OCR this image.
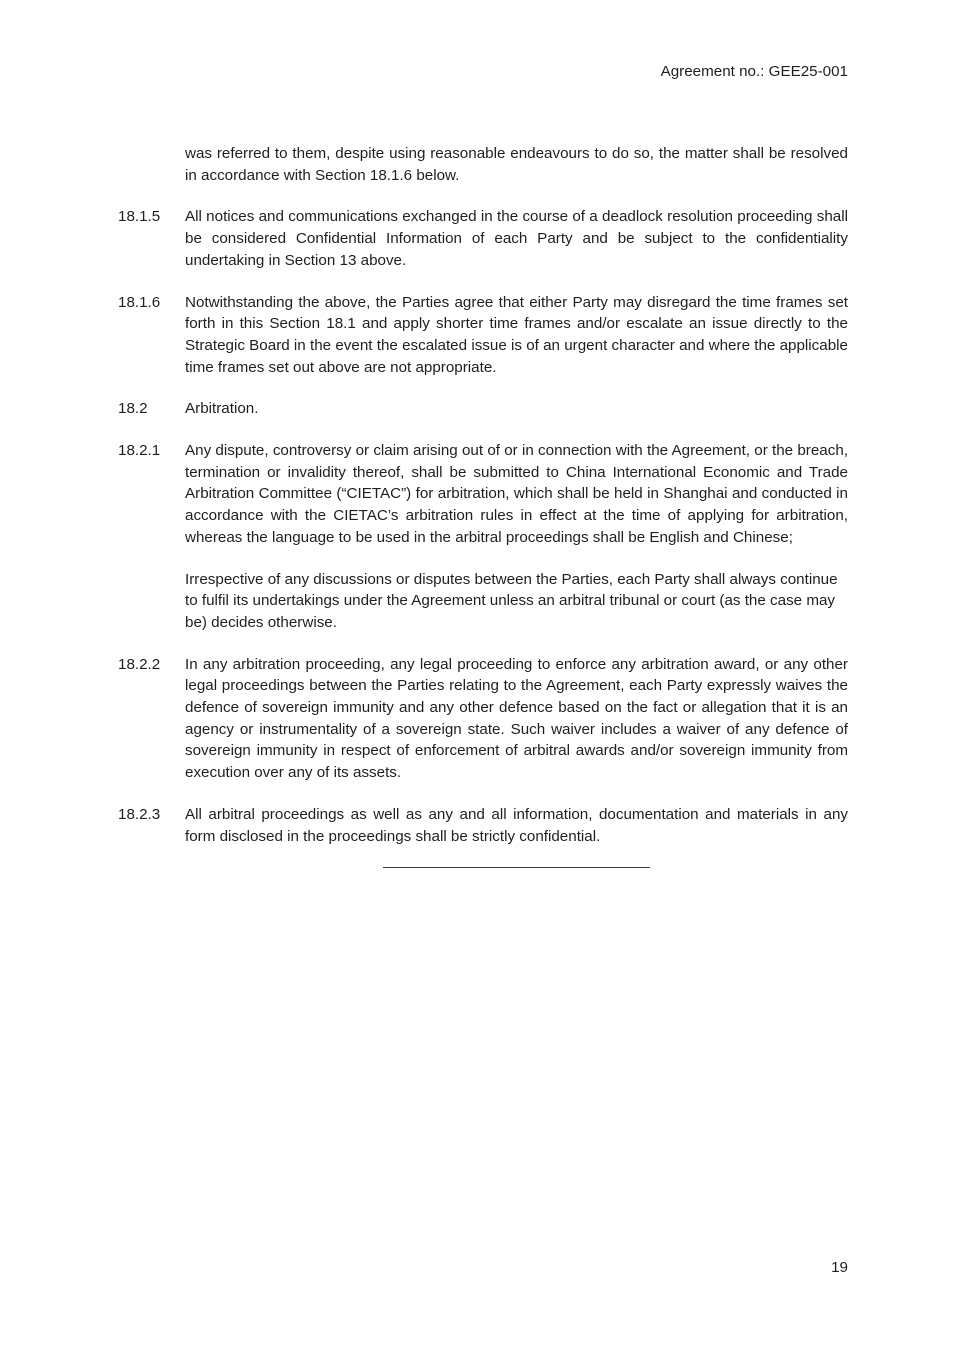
Agreement no.: GEE25-001
was referred to them, despite using reasonable endeavours to do so, the matter shall be resolved in accordance with Section 18.1.6 below.
18.1.5	All notices and communications exchanged in the course of a deadlock resolution proceeding shall be considered Confidential Information of each Party and be subject to the confidentiality undertaking in Section 13 above.
18.1.6	Notwithstanding the above, the Parties agree that either Party may disregard the time frames set forth in this Section 18.1 and apply shorter time frames and/or escalate an issue directly to the Strategic Board in the event the escalated issue is of an urgent character and where the applicable time frames set out above are not appropriate.
18.2	Arbitration.
18.2.1	Any dispute, controversy or claim arising out of or in connection with the Agreement, or the breach, termination or invalidity thereof, shall be submitted to China International Economic and Trade Arbitration Committee (“CIETAC”) for arbitration, which shall be held in Shanghai and conducted in accordance with the CIETAC’s arbitration rules in effect at the time of applying for arbitration, whereas the language to be used in the arbitral proceedings shall be English and Chinese;
Irrespective of any discussions or disputes between the Parties, each Party shall always continue to fulfil its undertakings under the Agreement unless an arbitral tribunal or court (as the case may be) decides otherwise.
18.2.2	In any arbitration proceeding, any legal proceeding to enforce any arbitration award, or any other legal proceedings between the Parties relating to the Agreement, each Party expressly waives the defence of sovereign immunity and any other defence based on the fact or allegation that it is an agency or instrumentality of a sovereign state. Such waiver includes a waiver of any defence of sovereign immunity in respect of enforcement of arbitral awards and/or sovereign immunity from execution over any of its assets.
18.2.3	All arbitral proceedings as well as any and all information, documentation and materials in any form disclosed in the proceedings shall be strictly confidential.
19
